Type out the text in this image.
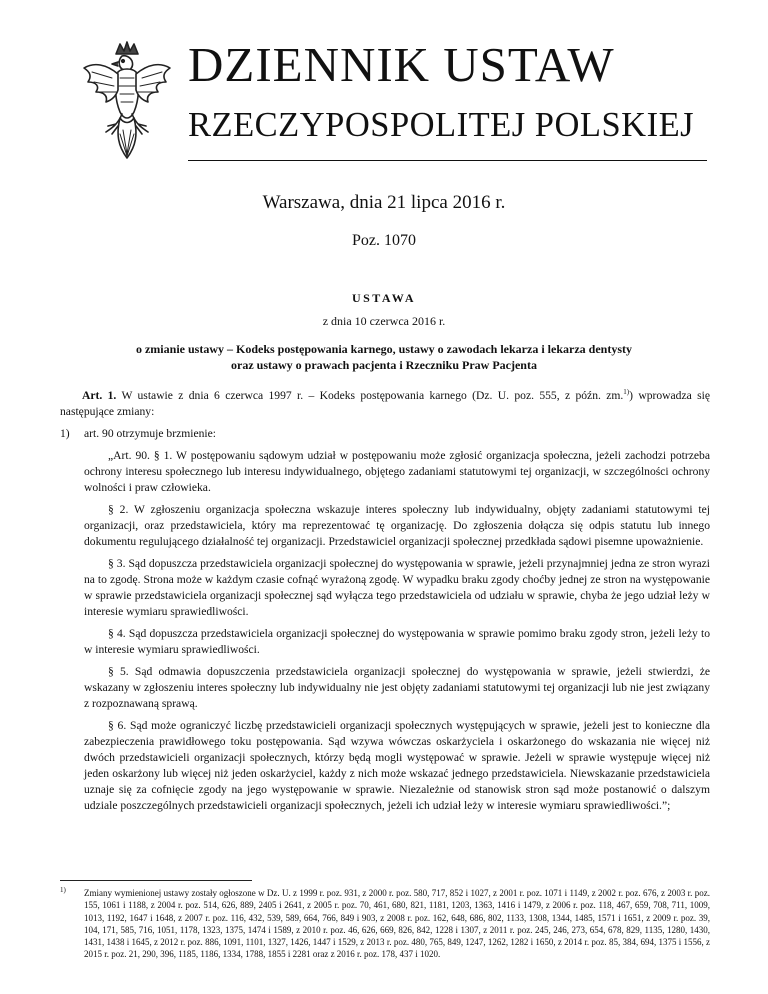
DZIENNIK USTAW
RZECZYPOSPOLITEJ POLSKIEJ
Warszawa, dnia 21 lipca 2016 r.
Poz. 1070
USTAWA
z dnia 10 czerwca 2016 r.
o zmianie ustawy – Kodeks postępowania karnego, ustawy o zawodach lekarza i lekarza dentysty
oraz ustawy o prawach pacjenta i Rzeczniku Praw Pacjenta

Art. 1. W ustawie z dnia 6 czerwca 1997 r. – Kodeks postępowania karnego (Dz. U. poz. 555, z późn. zm.$^{1)}$) wprowadza się następujące zmiany:

1) art. 90 otrzymuje brzmienie:

„Art. 90. § 1. W postępowaniu sądowym udział w postępowaniu może zgłosić organizacja społeczna, jeżeli zachodzi potrzeba ochrony interesu społecznego lub interesu indywidualnego, objętego zadaniami statutowymi tej organizacji, w szczególności ochrony wolności i praw człowieka.

§ 2. W zgłoszeniu organizacja społeczna wskazuje interes społeczny lub indywidualny, objęty zadaniami statutowymi tej organizacji, oraz przedstawiciela, który ma reprezentować tę organizację. Do zgłoszenia dołącza się odpis statutu lub innego dokumentu regulującego działalność tej organizacji. Przedstawiciel organizacji społecznej przedkłada sądowi pisemne upoważnienie.

§ 3. Sąd dopuszcza przedstawiciela organizacji społecznej do występowania w sprawie, jeżeli przynajmniej jedna ze stron wyrazi na to zgodę. Strona może w każdym czasie cofnąć wyrażoną zgodę. W wypadku braku zgody choćby jednej ze stron na występowanie w sprawie przedstawiciela organizacji społecznej sąd wyłącza tego przedstawiciela od udziału w sprawie, chyba że jego udział leży w interesie wymiaru sprawiedliwości.

§ 4. Sąd dopuszcza przedstawiciela organizacji społecznej do występowania w sprawie pomimo braku zgody stron, jeżeli leży to w interesie wymiaru sprawiedliwości.

§ 5. Sąd odmawia dopuszczenia przedstawiciela organizacji społecznej do występowania w sprawie, jeżeli stwierdzi, że wskazany w zgłoszeniu interes społeczny lub indywidualny nie jest objęty zadaniami statutowymi tej organizacji lub nie jest związany z rozpoznawaną sprawą.

§ 6. Sąd może ograniczyć liczbę przedstawicieli organizacji społecznych występujących w sprawie, jeżeli jest to konieczne dla zabezpieczenia prawidłowego toku postępowania. Sąd wzywa wówczas oskarżyciela i oskarżonego do wskazania nie więcej niż dwóch przedstawicieli organizacji społecznych, którzy będą mogli występować w sprawie. Jeżeli w sprawie występuje więcej niż jeden oskarżony lub więcej niż jeden oskarżyciel, każdy z nich może wskazać jednego przedstawiciela. Niewskazanie przedstawiciela uznaje się za cofnięcie zgody na jego występowanie w sprawie. Niezależnie od stanowisk stron sąd może postanowić o dalszym udziale poszczególnych przedstawicieli organizacji społecznych, jeżeli ich udział leży w interesie wymiaru sprawiedliwości.”;

1) Zmiany wymienionej ustawy zostały ogłoszone w Dz. U. z 1999 r. poz. 931, z 2000 r. poz. 580, 717, 852 i 1027, z 2001 r. poz. 1071 i 1149, z 2002 r. poz. 676, z 2003 r. poz. 155, 1061 i 1188, z 2004 r. poz. 514, 626, 889, 2405 i 2641, z 2005 r. poz. 70, 461, 680, 821, 1181, 1203, 1363, 1416 i 1479, z 2006 r. poz. 118, 467, 659, 708, 711, 1009, 1013, 1192, 1647 i 1648, z 2007 r. poz. 116, 432, 539, 589, 664, 766, 849 i 903, z 2008 r. poz. 162, 648, 686, 802, 1133, 1308, 1344, 1485, 1571 i 1651, z 2009 r. poz. 39, 104, 171, 585, 716, 1051, 1178, 1323, 1375, 1474 i 1589, z 2010 r. poz. 46, 626, 669, 826, 842, 1228 i 1307, z 2011 r. poz. 245, 246, 273, 654, 678, 829, 1135, 1280, 1430, 1431, 1438 i 1645, z 2012 r. poz. 886, 1091, 1101, 1327, 1426, 1447 i 1529, z 2013 r. poz. 480, 765, 849, 1247, 1262, 1282 i 1650, z 2014 r. poz. 85, 384, 694, 1375 i 1556, z 2015 r. poz. 21, 290, 396, 1185, 1186, 1334, 1788, 1855 i 2281 oraz z 2016 r. poz. 178, 437 i 1020.
